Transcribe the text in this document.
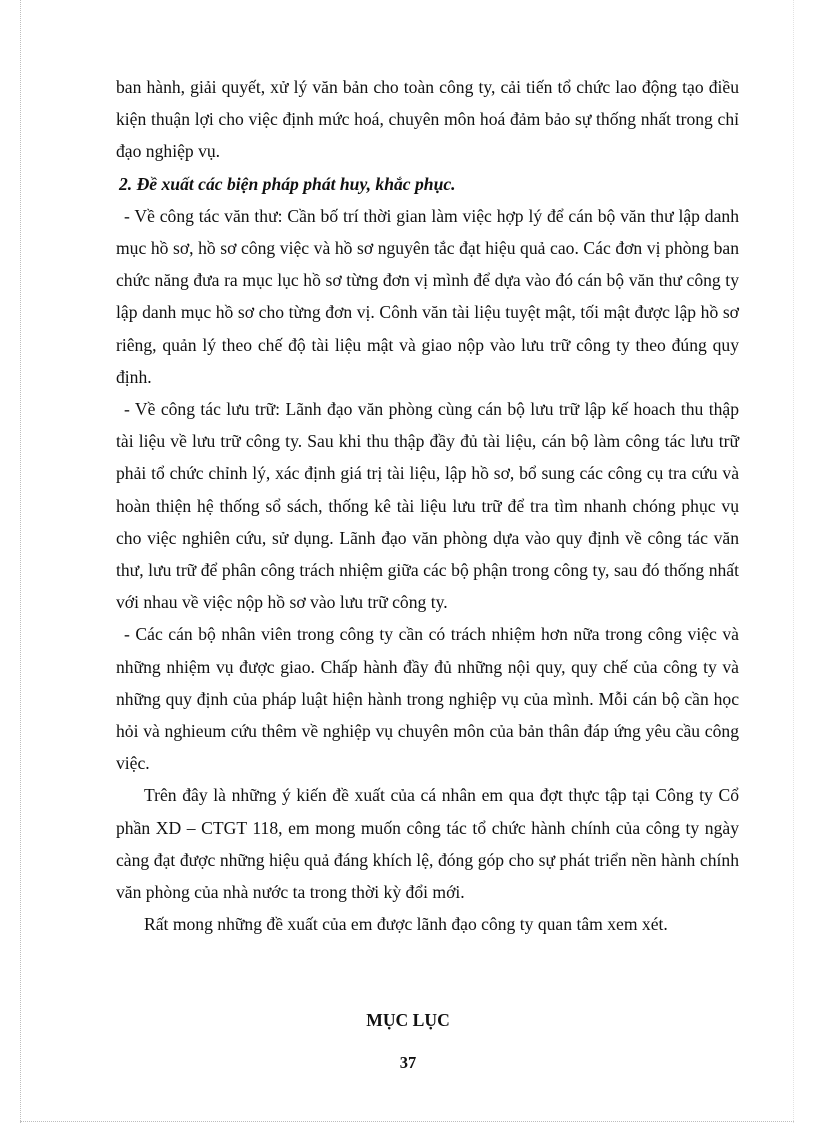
ban hành, giải quyết, xử lý văn bản cho toàn công ty, cải tiến tổ chức lao động tạo điều kiện thuận lợi cho việc định mức hoá, chuyên môn hoá đảm bảo sự thống nhất trong chỉ đạo nghiệp vụ.

2. Đề xuất các biện pháp phát huy, khắc phục.

- Về công tác văn thư: Cần bố trí thời gian làm việc hợp lý để cán bộ văn thư lập danh mục hồ sơ, hồ sơ công việc và hồ sơ nguyên tắc đạt hiệu quả cao. Các đơn vị phòng ban chức năng đưa ra mục lục hồ sơ từng đơn vị mình để dựa vào đó cán bộ văn thư công ty lập danh mục hồ sơ cho từng đơn vị. Cônh văn tài liệu tuyệt mật, tối mật được lập hồ sơ riêng, quản lý theo chế độ tài liệu mật và giao nộp vào lưu trữ công ty theo đúng quy định.

- Về công tác lưu trữ: Lãnh đạo văn phòng cùng cán bộ lưu trữ lập kế hoach thu thập tài liệu về lưu trữ công ty. Sau khi thu thập đầy đủ tài liệu, cán bộ làm công tác lưu trữ phải tổ chức chỉnh lý, xác định giá trị tài liệu, lập hồ sơ, bổ sung các công cụ tra cứu và hoàn thiện hệ thống sổ sách, thống kê tài liệu lưu trữ để tra tìm nhanh chóng phục vụ cho việc nghiên cứu, sử dụng. Lãnh đạo văn phòng dựa vào quy định về công tác văn thư, lưu trữ để phân công trách nhiệm giữa các bộ phận trong công ty, sau đó thống nhất với nhau về việc nộp hồ sơ vào lưu trữ công ty.

- Các cán bộ nhân viên trong công ty cần có trách nhiệm hơn nữa trong công việc và những nhiệm vụ được giao. Chấp hành đầy đủ những nội quy, quy chế của công ty và những quy định của pháp luật hiện hành trong nghiệp vụ của mình. Mỗi cán bộ cần học hỏi và nghieum cứu thêm về nghiệp vụ chuyên môn của bản thân đáp ứng yêu cầu công việc.

Trên đây là những ý kiến đề xuất của cá nhân em qua đợt thực tập tại Công ty Cổ phần XD – CTGT 118, em mong muốn công tác tổ chức hành chính của công ty ngày càng đạt được những hiệu quả đáng khích lệ, đóng góp cho sự phát triển nền hành chính văn phòng của nhà nước ta trong thời kỳ đổi mới.

Rất mong những đề xuất của em được lãnh đạo công ty quan tâm xem xét.

MỤC LỤC
37
